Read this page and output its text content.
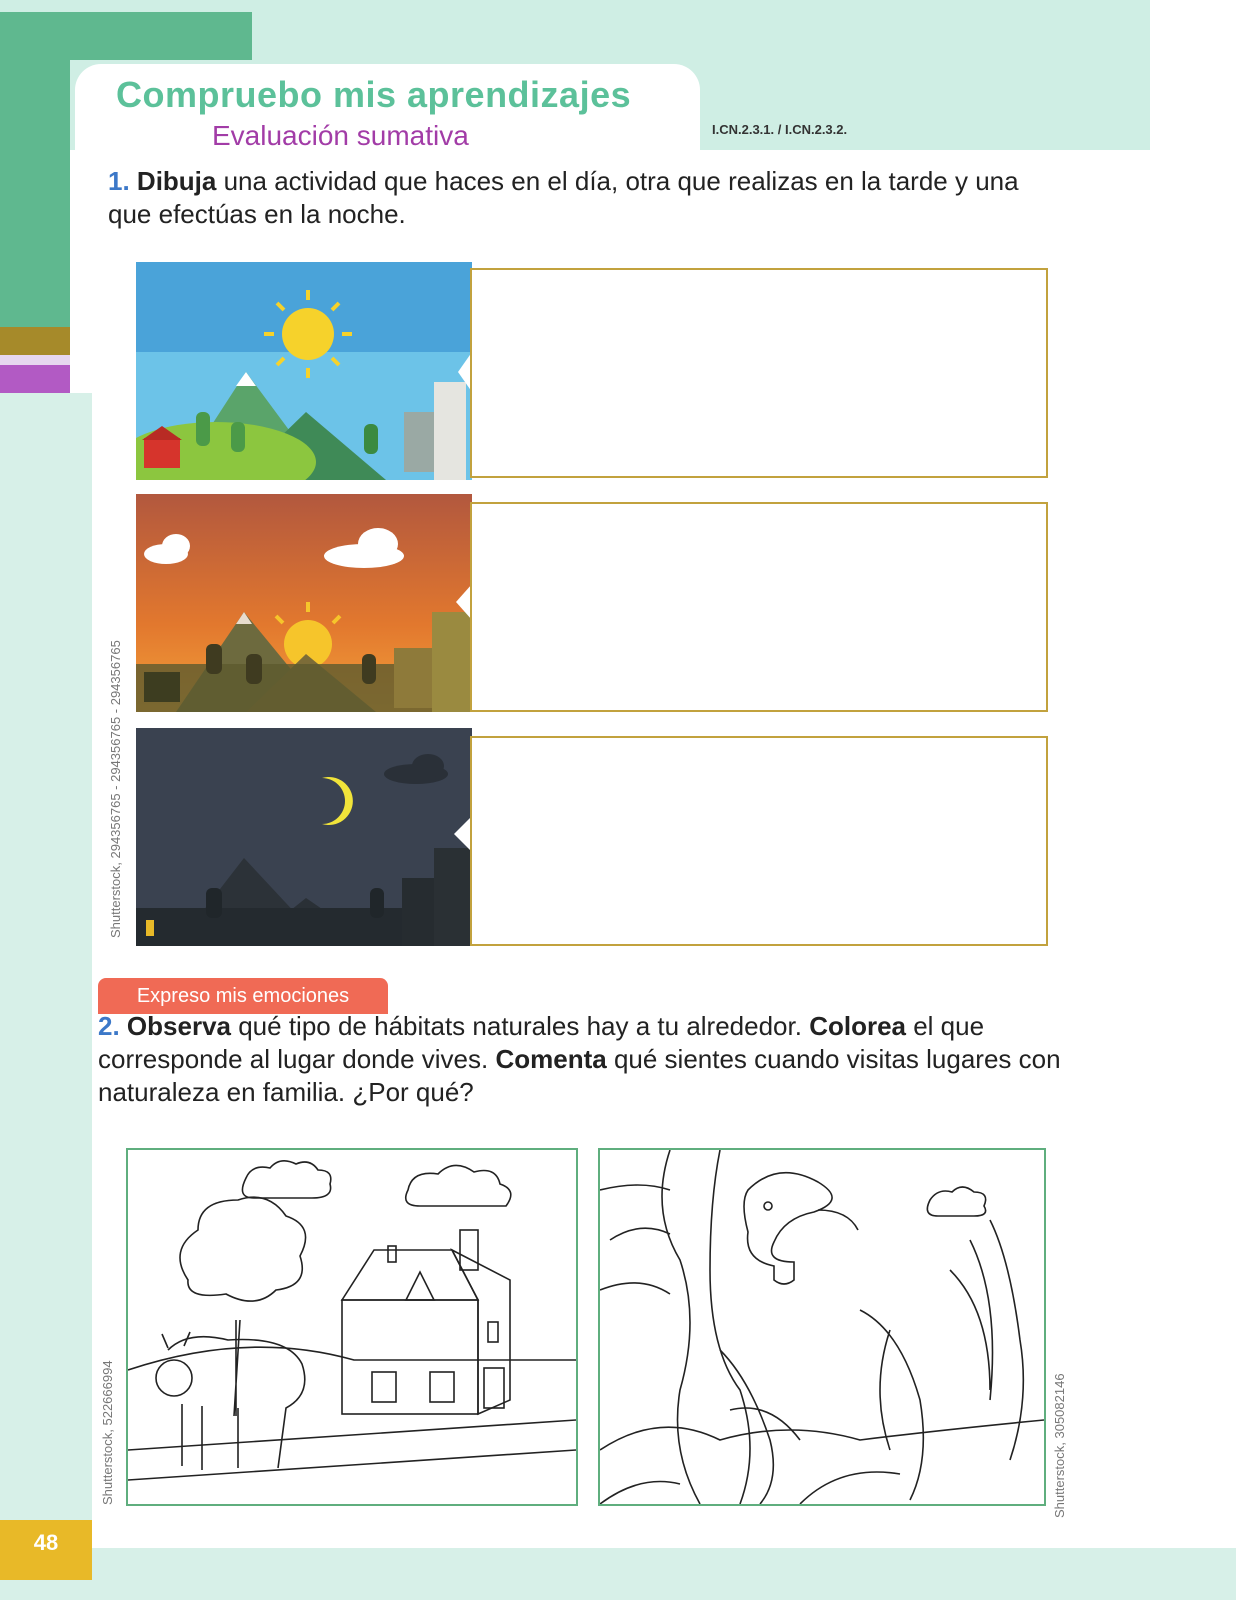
48
Compruebo mis aprendizajes
Evaluación sumativa	I.CN.2.3.1. / I.CN.2.3.2.
1. Dibuja una actividad que haces en el día, otra que realizas en la tarde y una que efectúas en la noche.
Shutterstock, 294356765 - 294356765 - 294356765
Expreso mis emociones
2. Observa qué tipo de hábitats naturales hay a tu alrededor. Colorea el que corresponde al lugar donde vives. Comenta qué sientes cuando visitas lugares con naturaleza en familia. ¿Por qué?
Shutterstock, 522666994	Shutterstock, 305082146
